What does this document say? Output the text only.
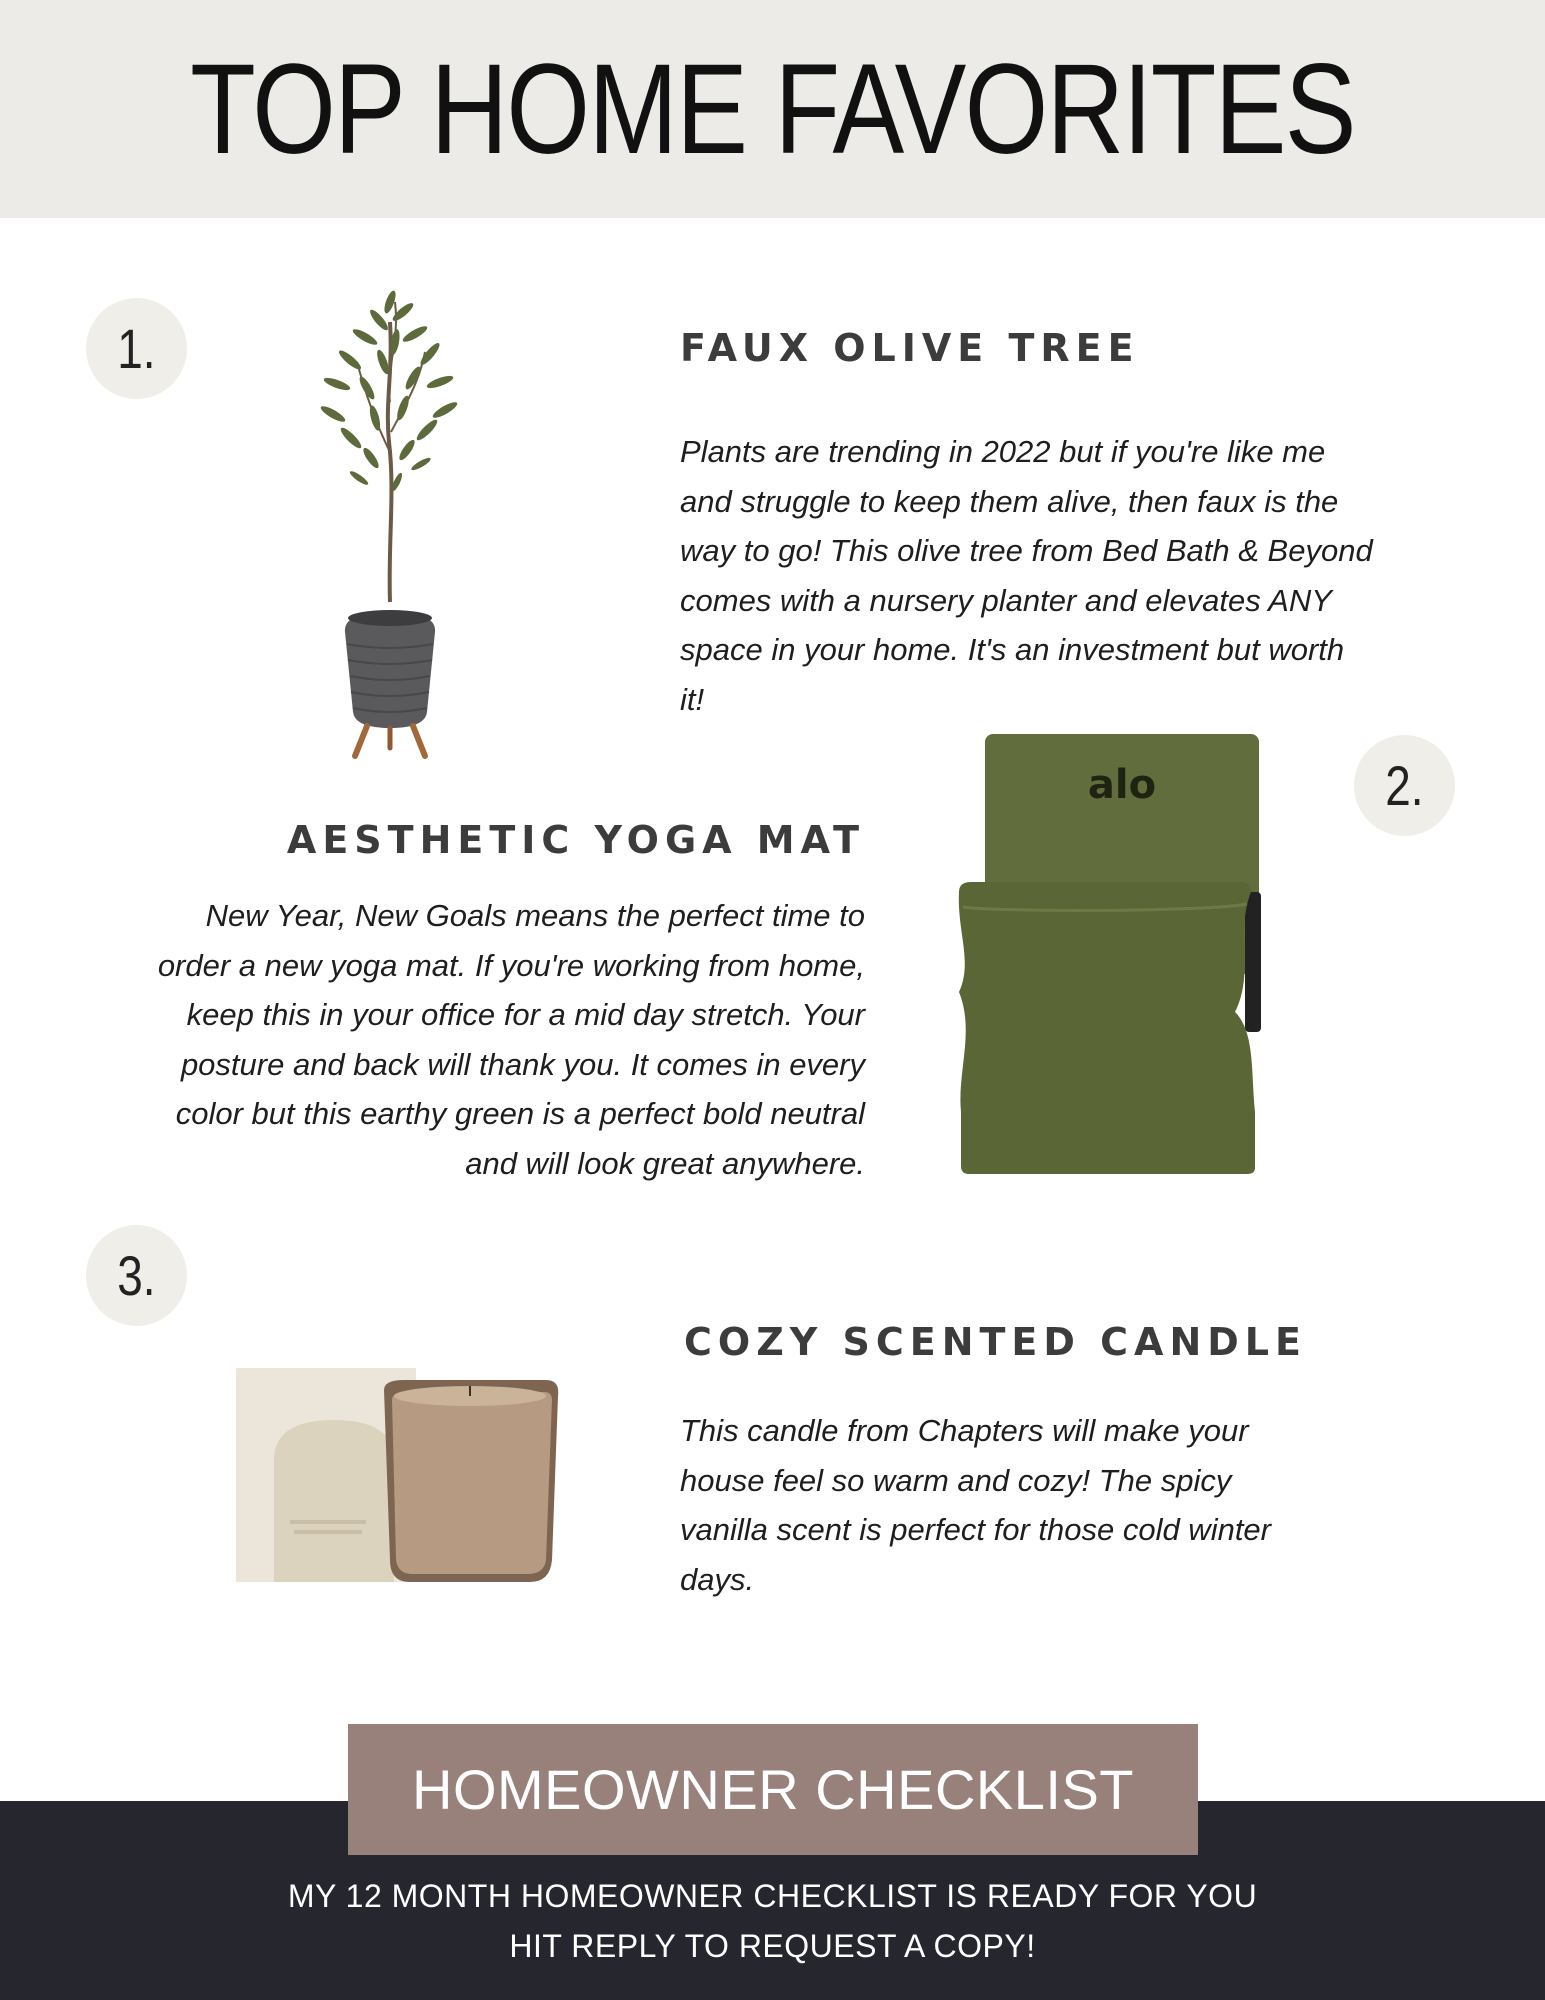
TOP HOME FAVORITES
1.	FAUX OLIVE TREE
Plants are trending in 2022 but if you're like me
and struggle to keep them alive, then faux is the
way to go! This olive tree from Bed Bath & Beyond
comes with a nursery planter and elevates ANY
space in your home. It's an investment but worth
it!
2.
AESTHETIC YOGA MAT
New Year, New Goals means the perfect time to
order a new yoga mat. If you're working from home,
keep this in your office for a mid day stretch. Your
posture and back will thank you. It comes in every
color but this earthy green is a perfect bold neutral
and will look great anywhere.
alo
3.
COZY SCENTED CANDLE
This candle from Chapters will make your
house feel so warm and cozy! The spicy
vanilla scent is perfect for those cold winter
days.
HOMEOWNER CHECKLIST
MY 12 MONTH HOMEOWNER CHECKLIST IS READY FOR YOU
HIT REPLY TO REQUEST A COPY!
